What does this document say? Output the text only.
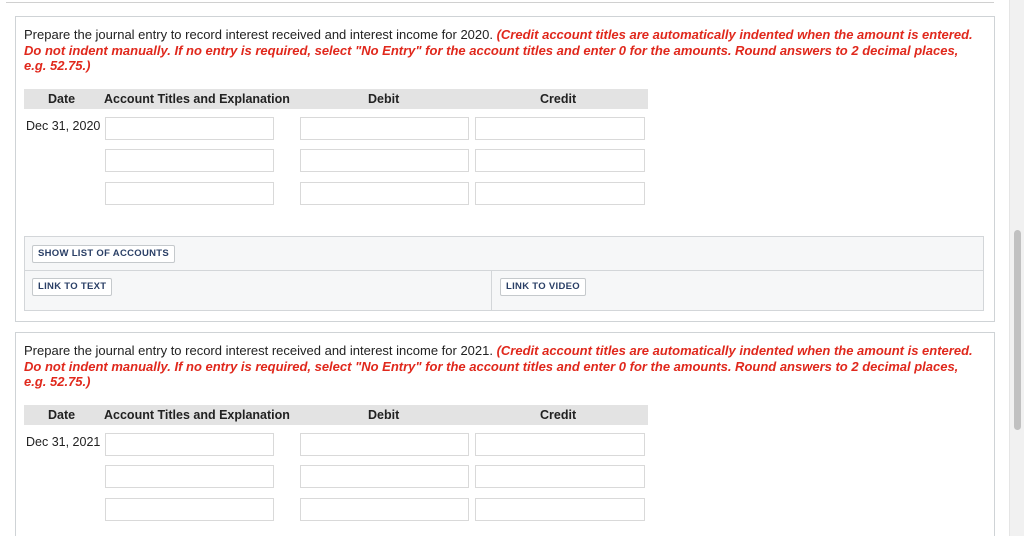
Prepare the journal entry to record interest received and interest income for 2020. (Credit account titles are automatically indented when the amount is entered. Do not indent manually. If no entry is required, select "No Entry" for the account titles and enter 0 for the amounts. Round answers to 2 decimal places, e.g. 52.75.)

Date Account Titles and Explanation	Debit	Credit
Dec 31, 2020
SHOW LIST OF ACCOUNTS
LINK TO TEXT	LINK TO VIDEO

Prepare the journal entry to record interest received and interest income for 2021. (Credit account titles are automatically indented when the amount is entered. Do not indent manually. If no entry is required, select "No Entry" for the account titles and enter 0 for the amounts. Round answers to 2 decimal places, e.g. 52.75.)

Date Account Titles and Explanation	Debit	Credit
Dec 31, 2021
